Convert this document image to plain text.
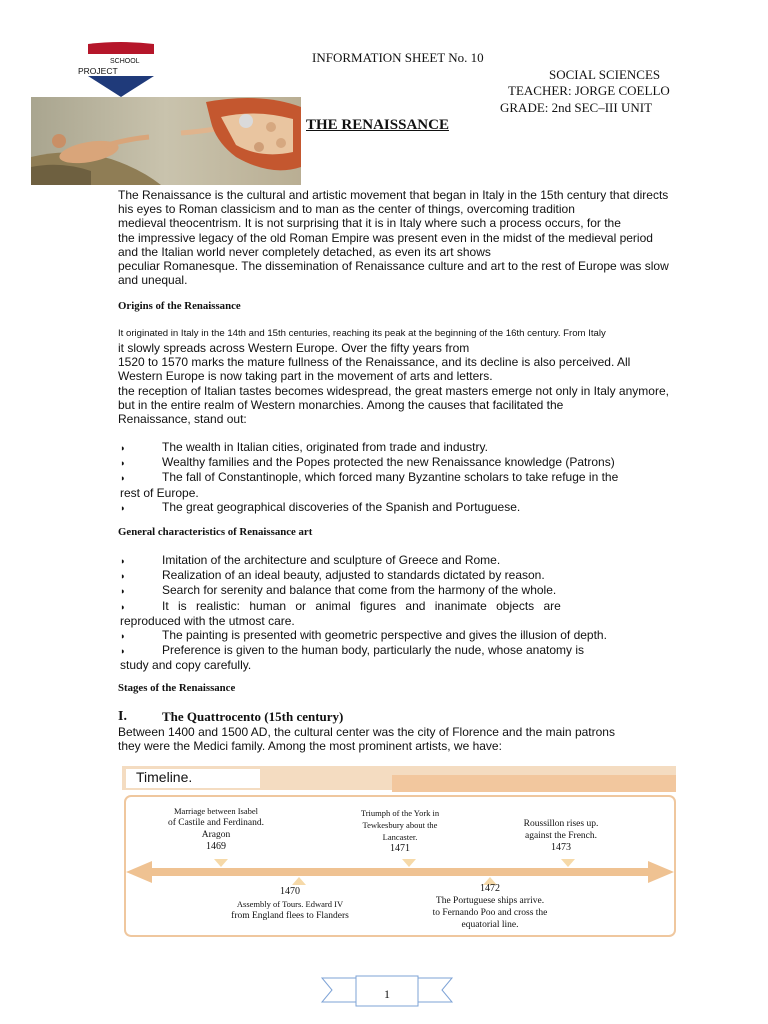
SCHOOL
PROJECT
INFORMATION SHEET No. 10
SOCIAL SCIENCES
TEACHER: JORGE COELLO
GRADE: 2nd SEC–III UNIT
THE RENAISSANCE
The Renaissance is the cultural and artistic movement that began in Italy in the 15th century that directs
his eyes to Roman classicism and to man as the center of things, overcoming tradition
medieval theocentrism. It is not surprising that it is in Italy where such a process occurs, for the
the impressive legacy of the old Roman Empire was present even in the midst of the medieval period
and the Italian world never completely detached, as even its art shows
peculiar Romanesque. The dissemination of Renaissance culture and art to the rest of Europe was slow
and unequal.
Origins of the Renaissance
It originated in Italy in the 14th and 15th centuries, reaching its peak at the beginning of the 16th century. From Italy
it slowly spreads across Western Europe. Over the fifty years from
1520 to 1570 marks the mature fullness of the Renaissance, and its decline is also perceived. All
Western Europe is now taking part in the movement of arts and letters.
the reception of Italian tastes becomes widespread, the great masters emerge not only in Italy anymore,
but in the entire realm of Western monarchies. Among the causes that facilitated the
Renaissance, stand out:
◗	The wealth in Italian cities, originated from trade and industry.
◗	Wealthy families and the Popes protected the new Renaissance knowledge (Patrons)
◗	The fall of Constantinople, which forced many Byzantine scholars to take refuge in the
rest of Europe.
◗	The great geographical discoveries of the Spanish and Portuguese.
General characteristics of Renaissance art
◗	Imitation of the architecture and sculpture of Greece and Rome.
◗	Realization of an ideal beauty, adjusted to standards dictated by reason.
◗	Search for serenity and balance that come from the harmony of the whole.
◗	It is realistic: human or animal figures and inanimate objects are
reproduced with the utmost care.
◗	The painting is presented with geometric perspective and gives the illusion of depth.
◗	Preference is given to the human body, particularly the nude, whose anatomy is
study and copy carefully.
Stages of the Renaissance
I.	The Quattrocento (15th century)
Between 1400 and 1500 AD, the cultural center was the city of Florence and the main patrons
they were the Medici family. Among the most prominent artists, we have:
Timeline.
Marriage between Isabel
of Castile and Ferdinand.
Aragon
1469
Triumph of the York in
Tewkesbury about the
Lancaster.
1471
Roussillon rises up.
against the French.
1473
1470
Assembly of Tours. Edward IV
from England flees to Flanders
1472
The Portuguese ships arrive.
to Fernando Poo and cross the
equatorial line.
1
